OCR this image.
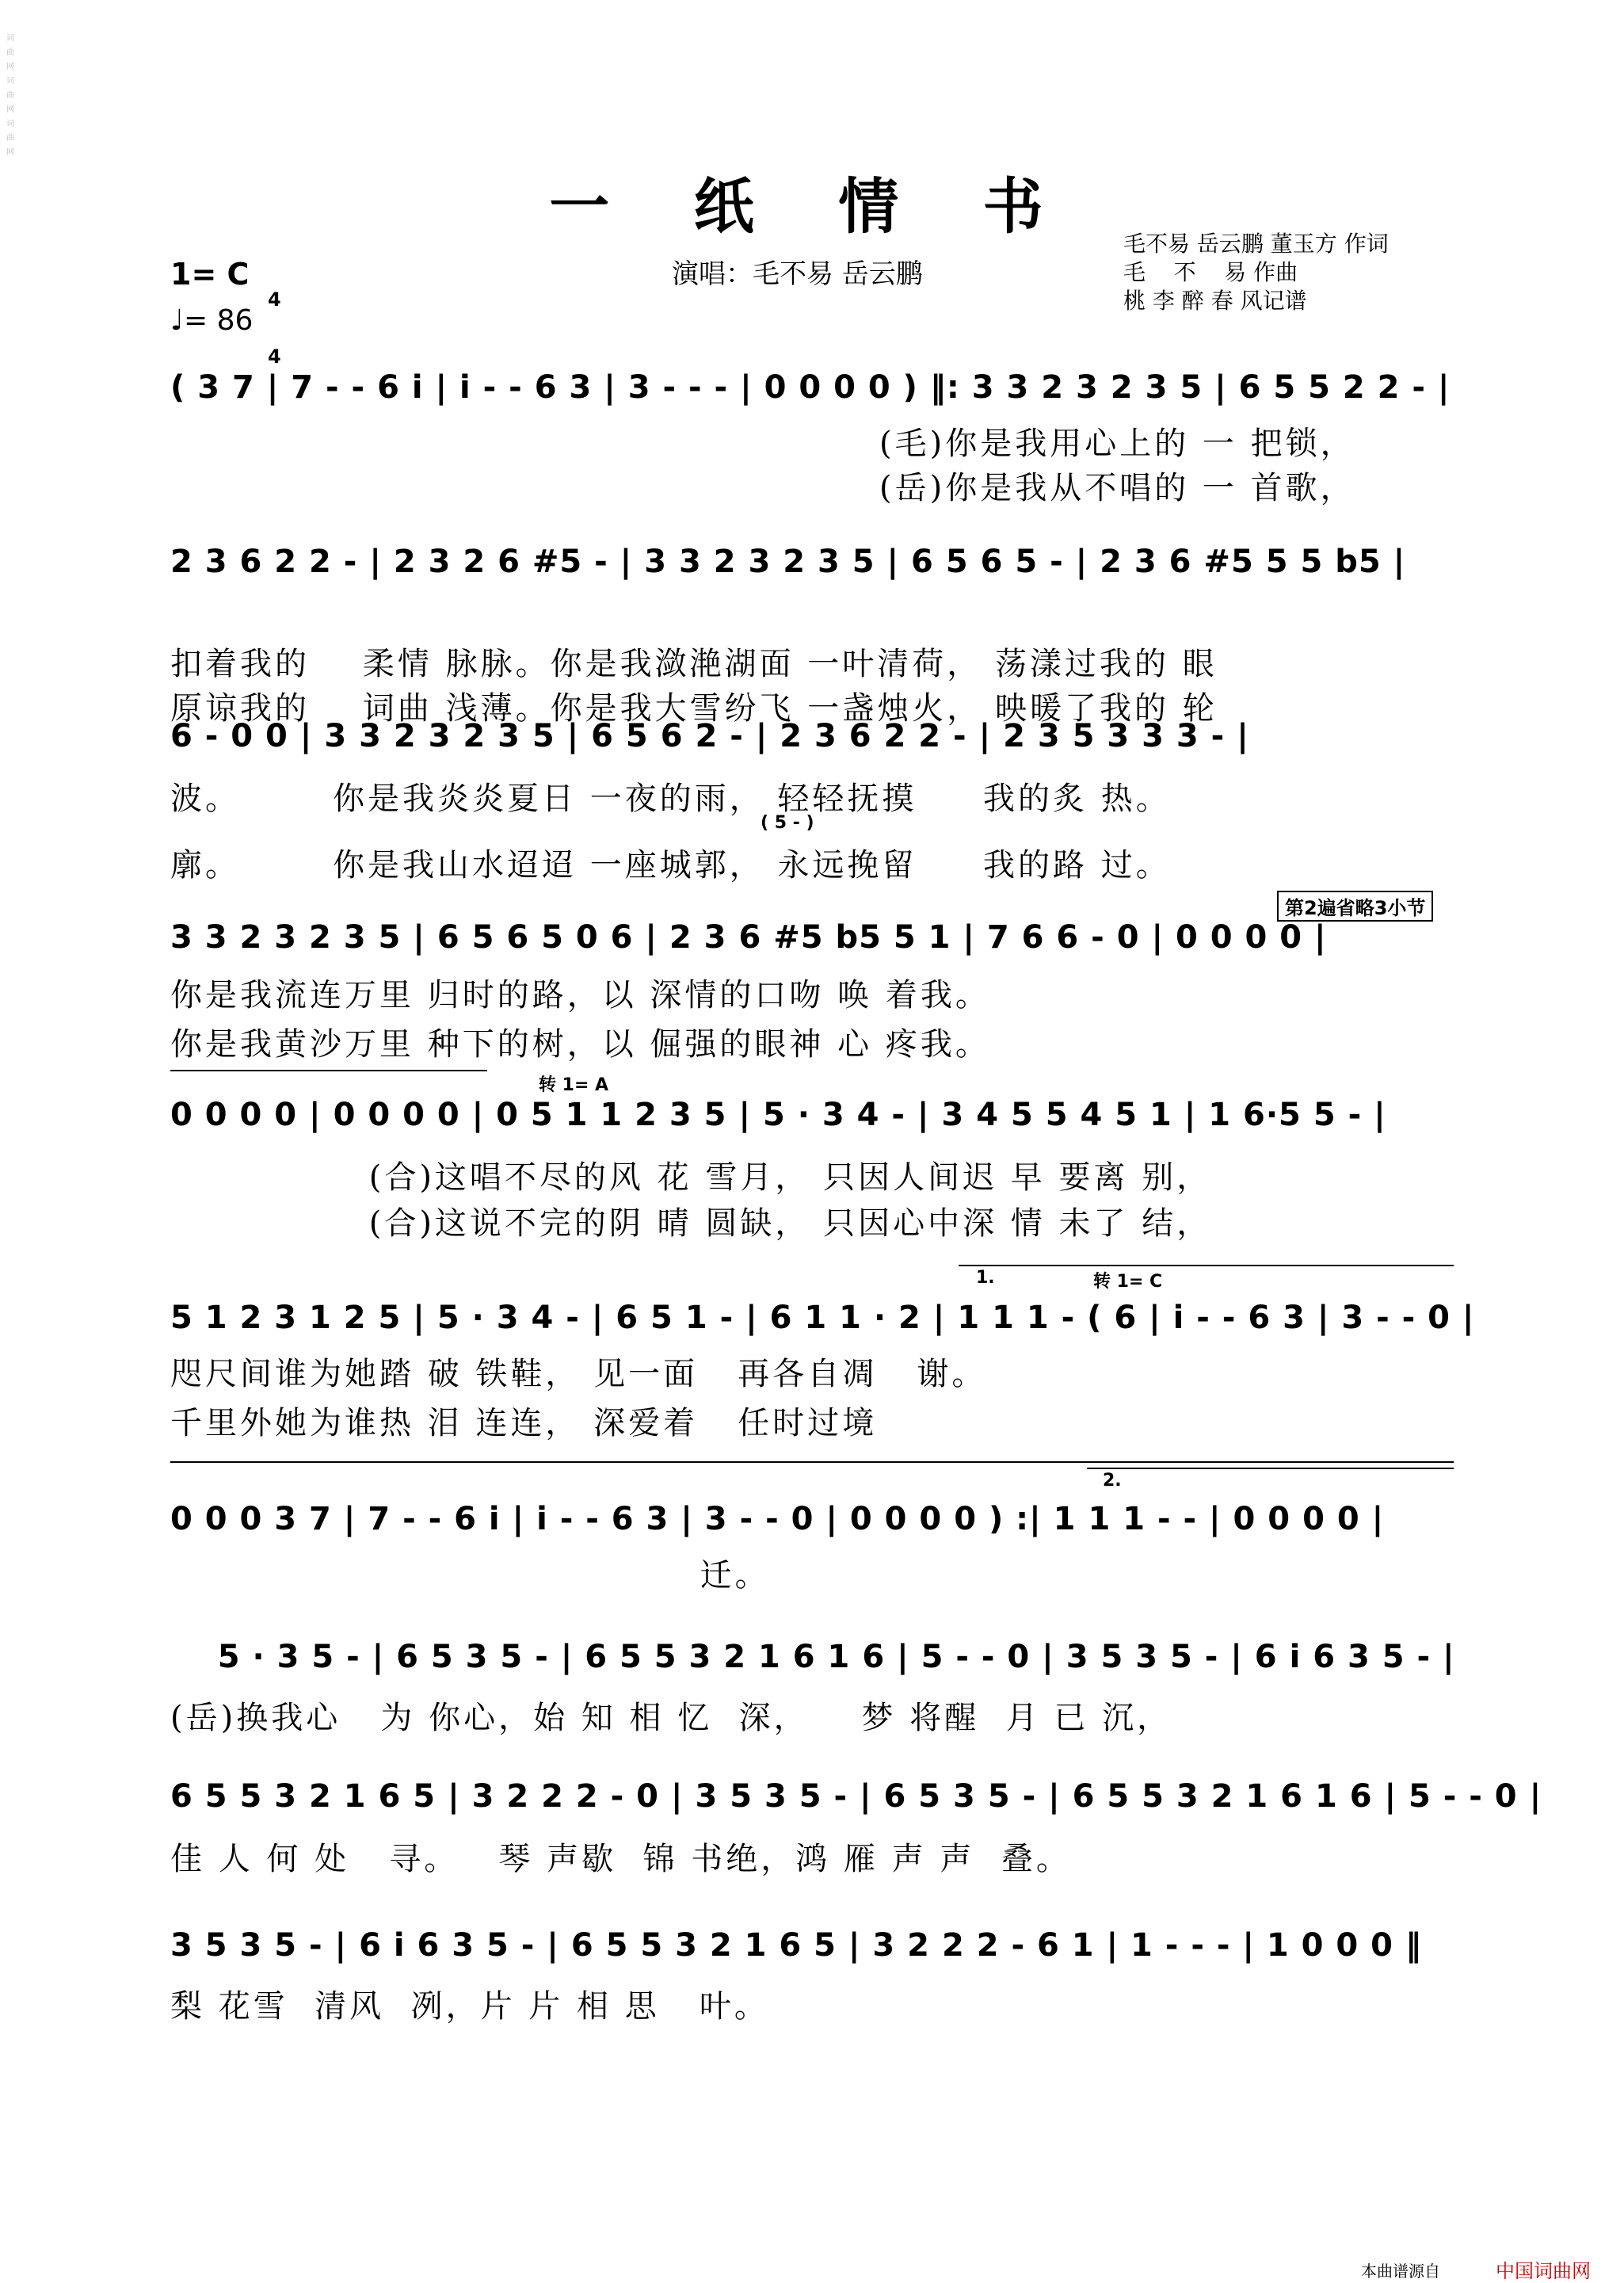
一 纸 情 书
演唱：毛不易 岳云鹏
毛不易 岳云鹏 董玉方 作词
毛    不    易 作曲
桃 李 醉 春 风记谱
1= C

4

4

♩= 86
( 3 7 | 7 - - 6 i | i - - 6 3 | 3 - - - | 0 0 0 0 ) ‖: 3 3 2 3 2 3 5 | 6 5 5 2 2 - |
(毛)你是我用心上的 一 把锁，
(岳)你是我从不唱的 一 首歌，
2 3 6 2 2 - | 2 3 2 6 #5 - | 3 3 2 3 2 3 5 | 6 5 6 5 - | 2 3 6 #5 5 5 b5 |
扣着我的    柔情 脉脉。你是我潋滟湖面 一叶清荷， 荡漾过我的 眼
原谅我的    词曲 浅薄。你是我大雪纷飞 一盏烛火， 映暖了我的 轮
6 - 0 0 | 3 3 2 3 2 3 5 | 6 5 6 2 - | 2 3 6 2 2 - | 2 3 5 3 3 3 - |
波。       你是我炎炎夏日 一夜的雨， 轻轻抚摸     我的炙 热。
( 5 - )
廓。       你是我山水迢迢 一座城郭， 永远挽留     我的路 过。
第2遍省略3小节
3 3 2 3 2 3 5 | 6 5 6 5 0 6 | 2 3 6 #5 b5 5 1 | 7 6 6 - 0 | 0 0 0 0 |
你是我流连万里 归时的路，以 深情的口吻 唤 着我。
你是我黄沙万里 种下的树，以 倔强的眼神 心 疼我。
转 1= A
0 0 0 0 | 0 0 0 0 | 0 5 1 1 2 3 5 | 5 · 3 4 - | 3 4 5 5 4 5 1 | 1 6·5 5 - |
(合)这唱不尽的风 花 雪月， 只因人间迟 早 要离 别，
(合)这说不完的阴 晴 圆缺， 只因心中深 情 未了 结，
1.	转 1= C
5 1 2 3 1 2 5 | 5 · 3 4 - | 6 5 1 - | 6 1 1 · 2 | 1 1 1 - ( 6 | i - - 6 3 | 3 - - 0 |
咫尺间谁为她踏 破 铁鞋， 见一面   再各自凋   谢。
千里外她为谁热 泪 连连， 深爱着   任时过境
2.
0 0 0 3 7 | 7 - - 6 i | i - - 6 3 | 3 - - 0 | 0 0 0 0 ) :| 1 1 1 - - | 0 0 0 0 |
迁。
5 · 3 5 - | 6 5 3 5 - | 6 5 5 3 2 1 6 1 6 | 5 - - 0 | 3 5 3 5 - | 6 i 6 3 5 - |
(岳)换我心   为 你心，始 知 相 忆  深，    梦 将醒  月 已 沉，
6 5 5 3 2 1 6 5 | 3 2 2 2 - 0 | 3 5 3 5 - | 6 5 3 5 - | 6 5 5 3 2 1 6 1 6 | 5 - - 0 |
佳 人 何 处   寻。   琴 声歇  锦 书绝，鸿 雁 声 声  叠。
3 5 3 5 - | 6 i 6 3 5 - | 6 5 5 3 2 1 6 5 | 3 2 2 2 - 6 1 | 1 - - - | 1 0 0 0 ‖
梨 花雪  清风  冽，片 片 相 思   叶。
本曲谱源自	中国词曲网
词曲网词曲网词曲网
